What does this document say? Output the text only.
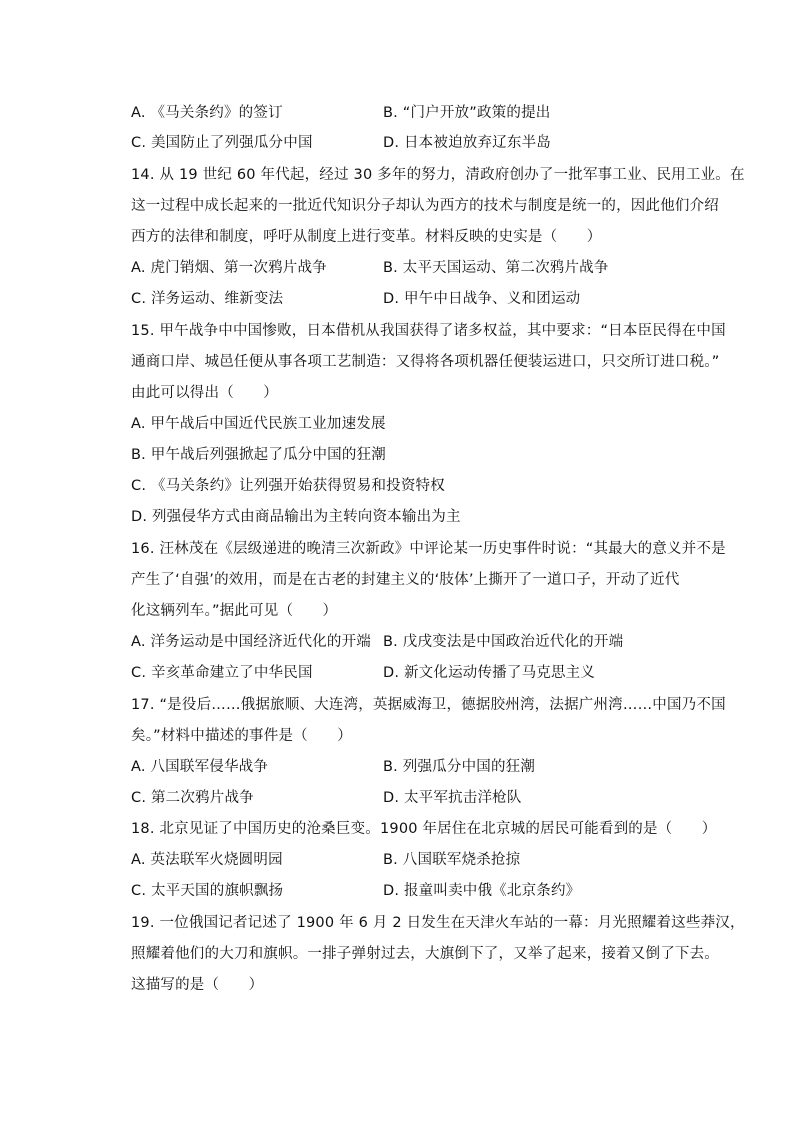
A. 《马关条约》的签订	B. “门户开放”政策的提出
C. 美国防止了列强瓜分中国	D. 日本被迫放弃辽东半岛
14. 从 19 世纪 60 年代起，经过 30 多年的努力，清政府创办了一批军事工业、民用工业。在
这一过程中成长起来的一批近代知识分子却认为西方的技术与制度是统一的，因此他们介绍
西方的法律和制度，呼吁从制度上进行变革。材料反映的史实是（　　）
A. 虎门销烟、第一次鸦片战争	B. 太平天国运动、第二次鸦片战争
C. 洋务运动、维新变法	D. 甲午中日战争、义和团运动
15. 甲午战争中中国惨败，日本借机从我国获得了诸多权益，其中要求：“日本臣民得在中国
通商口岸、城邑任便从事各项工艺制造：又得将各项机器任便装运进口，只交所订进口税。”
由此可以得出（　　）
A. 甲午战后中国近代民族工业加速发展
B. 甲午战后列强掀起了瓜分中国的狂潮
C. 《马关条约》让列强开始获得贸易和投资特权
D. 列强侵华方式由商品输出为主转向资本输出为主
16. 汪林茂在《层级递进的晚清三次新政》中评论某一历史事件时说：“其最大的意义并不是
产生了‘自强’的效用，而是在古老的封建主义的‘肢体’上撕开了一道口子，开动了近代
化这辆列车。”据此可见（　　）
A. 洋务运动是中国经济近代化的开端 B. 戊戌变法是中国政治近代化的开端
C. 辛亥革命建立了中华民国	D. 新文化运动传播了马克思主义
17. “是役后……俄据旅顺、大连湾，英据威海卫，德据胶州湾，法据广州湾……中国乃不国
矣。”材料中描述的事件是（　　）
A. 八国联军侵华战争	B. 列强瓜分中国的狂潮
C. 第二次鸦片战争	D. 太平军抗击洋枪队
18. 北京见证了中国历史的沧桑巨变。1900 年居住在北京城的居民可能看到的是（　　）
A. 英法联军火烧圆明园	B. 八国联军烧杀抢掠
C. 太平天国的旗帜飘扬	D. 报童叫卖中俄《北京条约》
19. 一位俄国记者记述了 1900 年 6 月 2 日发生在天津火车站的一幕：月光照耀着这些莽汉，
照耀着他们的大刀和旗帜。一排子弹射过去，大旗倒下了，又举了起来，接着又倒了下去。
这描写的是（　　）
